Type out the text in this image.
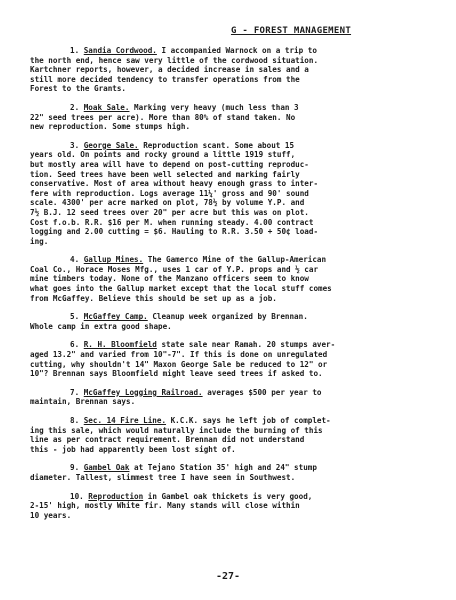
G - FOREST MANAGEMENT
1. Sandia Cordwood. I accompanied Warnock on a trip to
the north end, hence saw very little of the cordwood situation.
Kartchner reports, however, a decided increase in sales and a
still more decided tendency to transfer operations from the
Forest to the Grants.
2. Moak Sale. Marking very heavy (much less than 3
22" seed trees per acre). More than 80% of stand taken. No
new reproduction. Some stumps high.
3. George Sale. Reproduction scant. Some about 15
years old. On points and rocky ground a little 1919 stuff,
but mostly area will have to depend on post-cutting reproduc-
tion. Seed trees have been well selected and marking fairly
conservative. Most of area without heavy enough grass to inter-
fere with reproduction. Logs average 11¼' gross and 90' sound
scale. 4300' per acre marked on plot, 78½ by volume Y.P. and
7½ B.J. 12 seed trees over 20" per acre but this was on plot.
Cost f.o.b. R.R. $16 per M. when running steady. 4.00 contract
logging and 2.00 cutting = $6. Hauling to R.R. 3.50 + 50¢ load-
ing.
4. Gallup Mines. The Gamerco Mine of the Gallup-American
Coal Co., Horace Moses Mfg., uses 1 car of Y.P. props and ½ car
mine timbers today. None of the Manzano officers seem to know
what goes into the Gallup market except that the local stuff comes
from McGaffey. Believe this should be set up as a job.
5. McGaffey Camp. Cleanup week organized by Brennan.
Whole camp in extra good shape.
6. R. H. Bloomfield state sale near Ramah. 20 stumps aver-
aged 13.2" and varied from 10"-7". If this is done on unregulated
cutting, why shouldn't 14" Maxon George Sale be reduced to 12" or
10"? Brennan says Bloomfield might leave seed trees if asked to.
7. McGaffey Logging Railroad. averages $500 per year to
maintain, Brennan says.
8. Sec. 14 Fire Line. K.C.K. says he left job of complet-
ing this sale, which would naturally include the burning of this
line as per contract requirement. Brennan did not understand
this - job had apparently been lost sight of.
9. Gambel Oak at Tejano Station 35' high and 24" stump
diameter. Tallest, slimmest tree I have seen in Southwest.
10. Reproduction in Gambel oak thickets is very good,
2-15' high, mostly White fir. Many stands will close within
10 years.
-27-
